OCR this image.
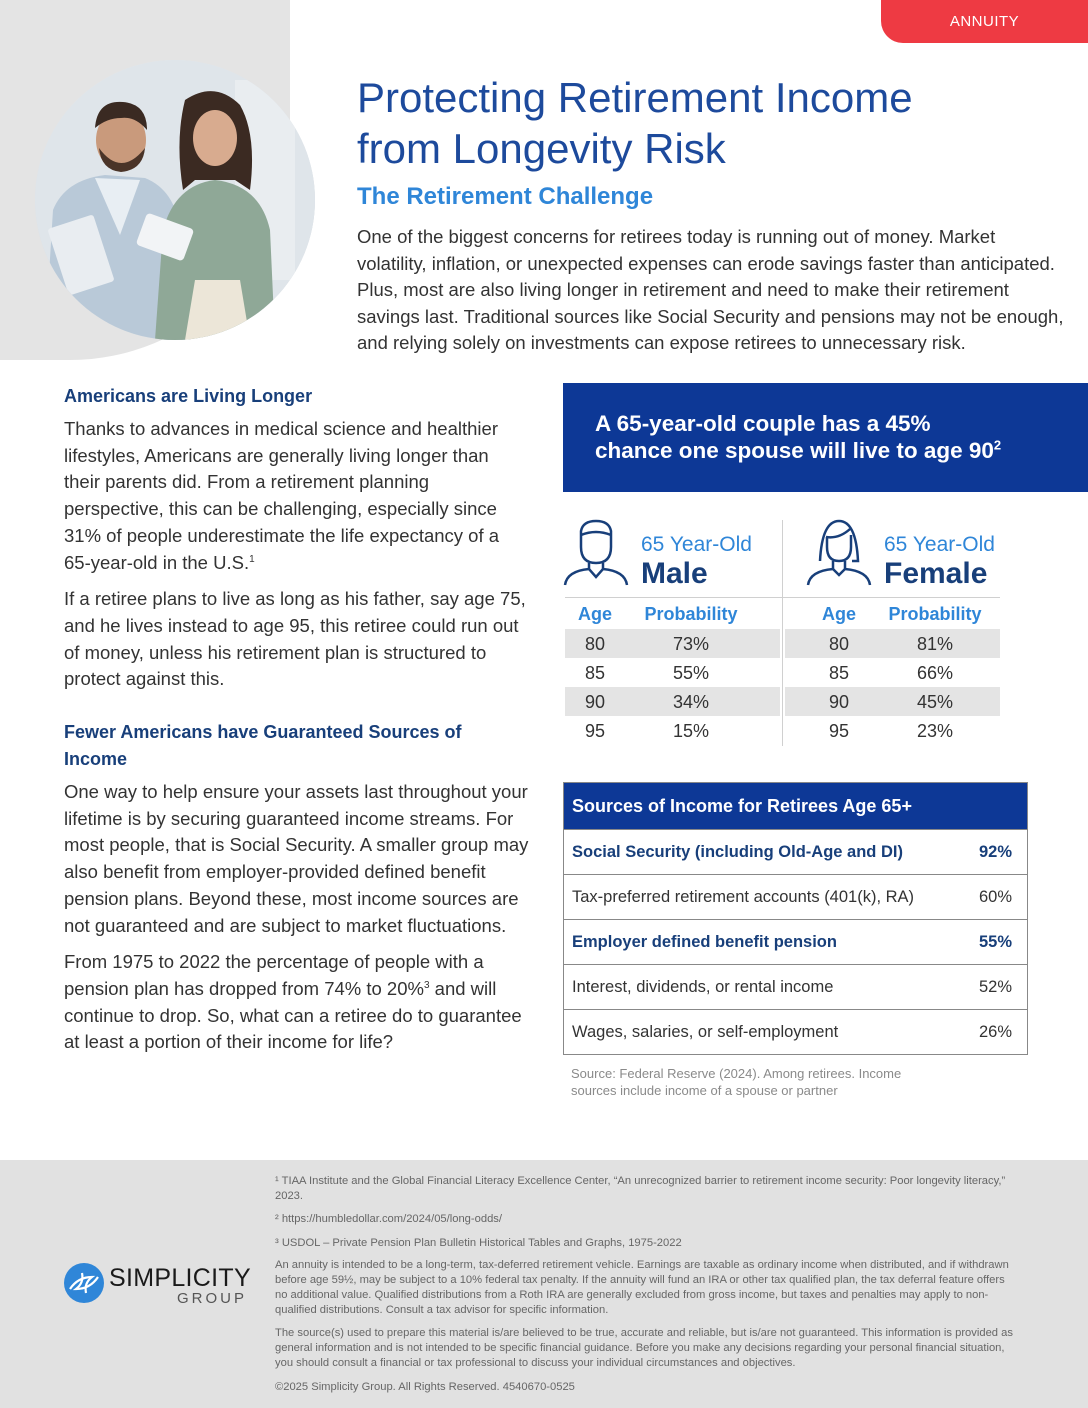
ANNUITY
Protecting Retirement Income
from Longevity Risk
The Retirement Challenge

One of the biggest concerns for retirees today is running out of money. Market volatility, inflation, or unexpected expenses can erode savings faster than anticipated. Plus, most are also living longer in retirement and need to make their retirement savings last. Traditional sources like Social Security and pensions may not be enough, and relying solely on investments can expose retirees to unnecessary risk.

Americans are Living Longer

Thanks to advances in medical science and healthier lifestyles, Americans are generally living longer than their parents did. From a retirement planning perspective, this can be challenging, especially since 31% of people underestimate the life expectancy of a 65-year-old in the U.S.$^1$

If a retiree plans to live as long as his father, say age 75, and he lives instead to age 95, this retiree could run out of money, unless his retirement plan is structured to protect against this.

Fewer Americans have Guaranteed Sources of Income

One way to help ensure your assets last throughout your lifetime is by securing guaranteed income streams. For most people, that is Social Security. A smaller group may also benefit from employer-provided defined benefit pension plans. Beyond these, most income sources are not guaranteed and are subject to market fluctuations.

From 1975 to 2022 the percentage of people with a pension plan has dropped from 74% to 20%$^3$ and will continue to drop. So, what can a retiree do to guarantee at least a portion of their income for life?

A 65-year-old couple has a 45%
chance one spouse will live to age $90^2$
65 Year-Old
Male
65 Year-Old
Female
Age	Probability	Age	Probability
80	73%
85	55%
90	34%
95	15%
80	81%
85	66%
90	45%
95	23%
Sources of Income for Retirees Age 65+
Social Security (including Old-Age and DI)	92%
Tax-preferred retirement accounts (401(k), RA)	60%
Employer defined benefit pension	55%
Interest, dividends, or rental income	52%
Wages, salaries, or self-employment	26%
Source: Federal Reserve (2024). Among retirees. Income sources include income of a spouse or partner
SIMPLICITY
GROUP
¹ TIAA Institute and the Global Financial Literacy Excellence Center, “An unrecognized barrier to retirement income security: Poor longevity literacy,” 2023.
² https://humbledollar.com/2024/05/long-odds/
³ USDOL – Private Pension Plan Bulletin Historical Tables and Graphs, 1975-2022
An annuity is intended to be a long-term, tax-deferred retirement vehicle. Earnings are taxable as ordinary income when distributed, and if withdrawn before age 59½, may be subject to a 10% federal tax penalty. If the annuity will fund an IRA or other tax qualified plan, the tax deferral feature offers no additional value. Qualified distributions from a Roth IRA are generally excluded from gross income, but taxes and penalties may apply to non-qualified distributions. Consult a tax advisor for specific information.
The source(s) used to prepare this material is/are believed to be true, accurate and reliable, but is/are not guaranteed. This information is provided as general information and is not intended to be specific financial guidance. Before you make any decisions regarding your personal financial situation, you should consult a financial or tax professional to discuss your individual circumstances and objectives.
©2025 Simplicity Group. All Rights Reserved. 4540670-0525
